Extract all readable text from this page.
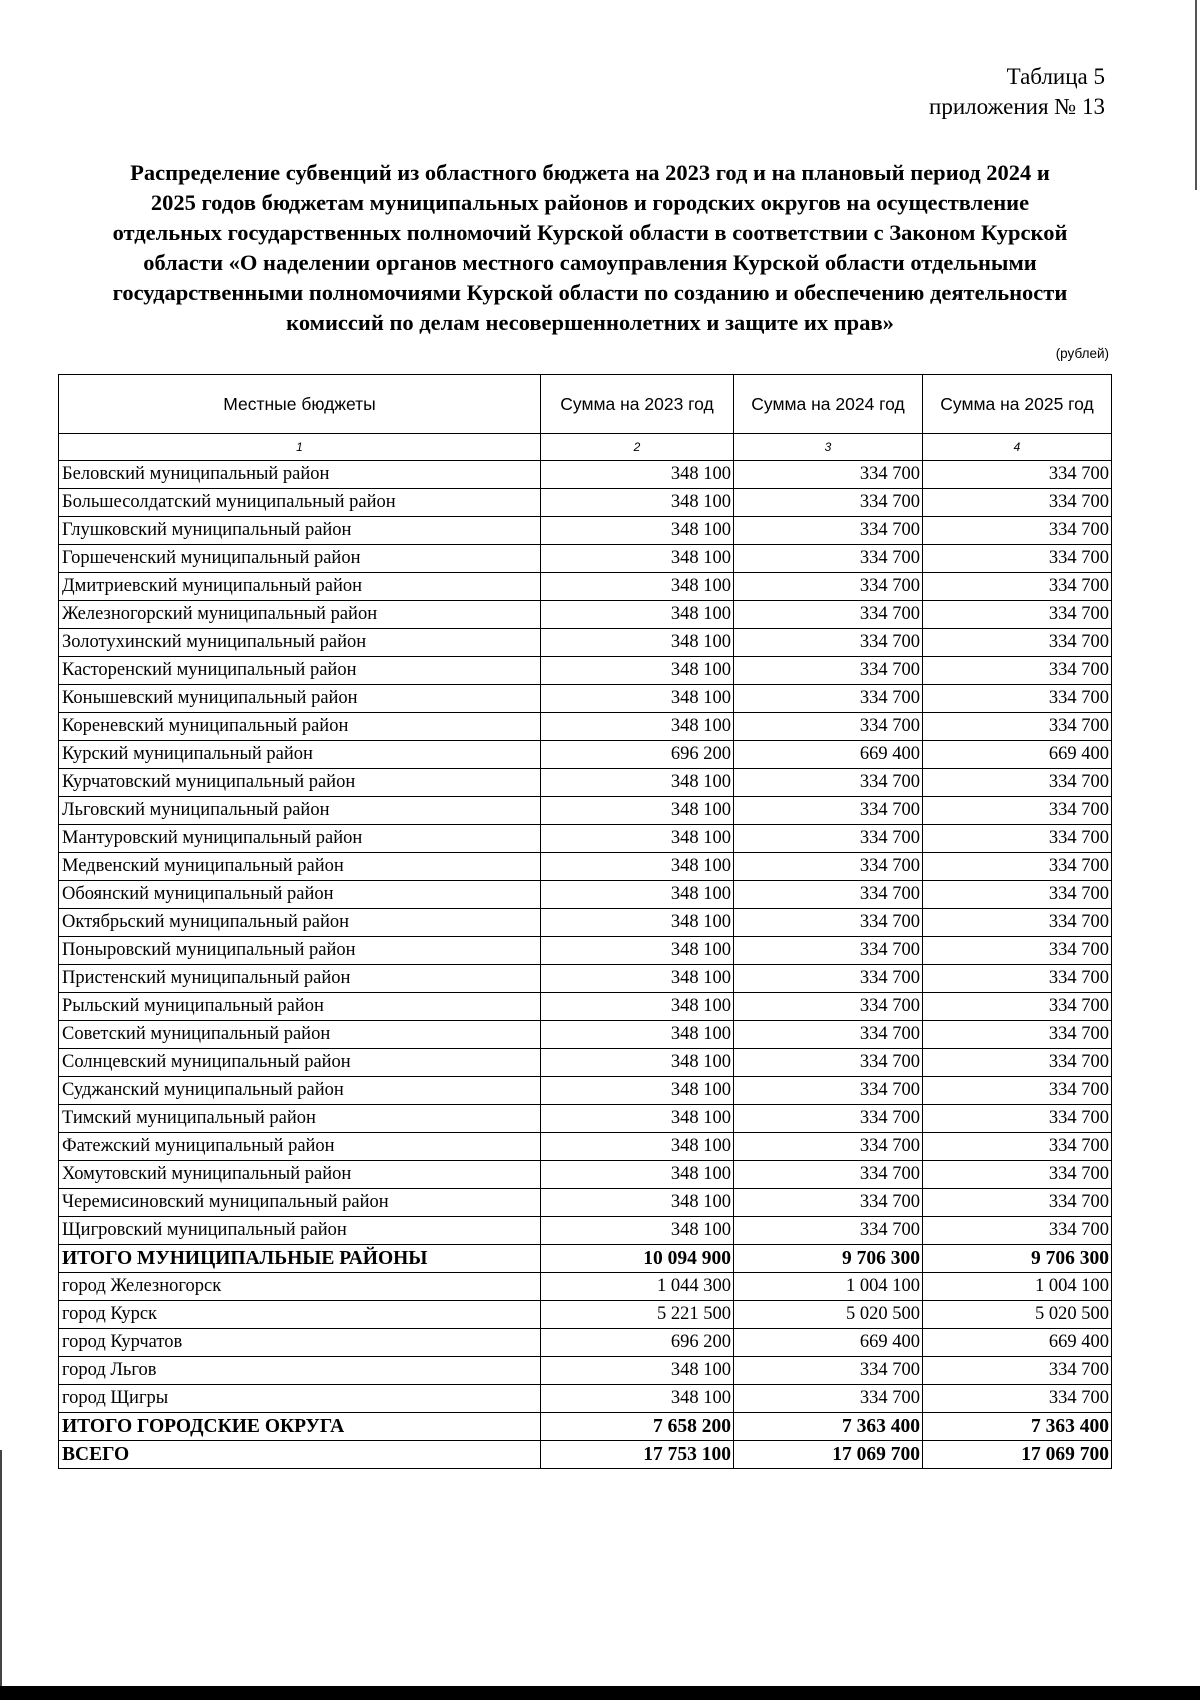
Таблица 5
приложения № 13
Распределение субвенций из областного бюджета на 2023 год и на плановый период 2024 и
2025 годов бюджетам муниципальных районов и городских округов на осуществление
отдельных государственных полномочий Курской области в соответствии с Законом Курской
области «О наделении органов местного самоуправления Курской области отдельными
государственными полномочиями Курской области по созданию и обеспечению деятельности
комиссий по делам несовершеннолетних и защите их прав»
(рублей)
Местные бюджеты	Сумма на 2023 год	Сумма на 2024 год	Сумма на 2025 год
1	2	3	4
Беловский муниципальный район	348 100	334 700	334 700
Большесолдатский муниципальный район	348 100	334 700	334 700
Глушковский муниципальный район	348 100	334 700	334 700
Горшеченский муниципальный район	348 100	334 700	334 700
Дмитриевский муниципальный район	348 100	334 700	334 700
Железногорский муниципальный район	348 100	334 700	334 700
Золотухинский муниципальный район	348 100	334 700	334 700
Касторенский муниципальный район	348 100	334 700	334 700
Конышевский муниципальный район	348 100	334 700	334 700
Кореневский муниципальный район	348 100	334 700	334 700
Курский муниципальный район	696 200	669 400	669 400
Курчатовский муниципальный район	348 100	334 700	334 700
Льговский муниципальный район	348 100	334 700	334 700
Мантуровский муниципальный район	348 100	334 700	334 700
Медвенский муниципальный район	348 100	334 700	334 700
Обоянский муниципальный район	348 100	334 700	334 700
Октябрьский муниципальный район	348 100	334 700	334 700
Поныровский муниципальный район	348 100	334 700	334 700
Пристенский муниципальный район	348 100	334 700	334 700
Рыльский муниципальный район	348 100	334 700	334 700
Советский муниципальный район	348 100	334 700	334 700
Солнцевский муниципальный район	348 100	334 700	334 700
Суджанский муниципальный район	348 100	334 700	334 700
Тимский муниципальный район	348 100	334 700	334 700
Фатежский муниципальный район	348 100	334 700	334 700
Хомутовский муниципальный район	348 100	334 700	334 700
Черемисиновский муниципальный район	348 100	334 700	334 700
Щигровский муниципальный район	348 100	334 700	334 700
ИТОГО МУНИЦИПАЛЬНЫЕ РАЙОНЫ	10 094 900	9 706 300	9 706 300
город Железногорск	1 044 300	1 004 100	1 004 100
город Курск	5 221 500	5 020 500	5 020 500
город Курчатов	696 200	669 400	669 400
город Льгов	348 100	334 700	334 700
город Щигры	348 100	334 700	334 700
ИТОГО ГОРОДСКИЕ ОКРУГА	7 658 200	7 363 400	7 363 400
ВСЕГО	17 753 100	17 069 700	17 069 700
